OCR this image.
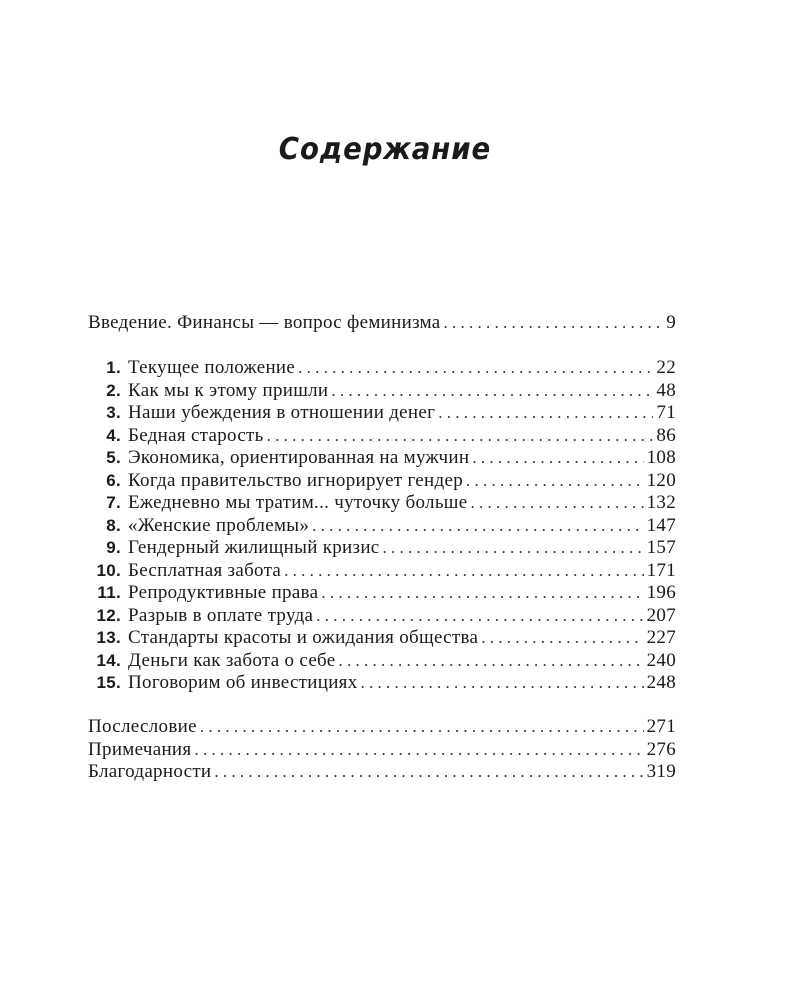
Содержание
Введение. Финансы — вопрос феминизма . . .	9
1. Текущее положение . . .	22
2. Как мы к этому пришли . . .	48
3. Наши убеждения в отношении денег . . .	71
4. Бедная старость . . .	86
5. Экономика, ориентированная на мужчин . . .	108
6. Когда правительство игнорирует гендер . . .	120
7. Ежедневно мы тратим... чуточку больше . . .	132
8. «Женские проблемы» . . .	147
9. Гендерный жилищный кризис . . .	157
10. Бесплатная забота . . .	171
11. Репродуктивные права . . .	196
12. Разрыв в оплате труда . . .	207
13. Стандарты красоты и ожидания общества . . .	227
14. Деньги как забота о себе . . .	240
15. Поговорим об инвестициях . . .	248
Послесловие . . .	271
Примечания . . .	276
Благодарности . . .	319
